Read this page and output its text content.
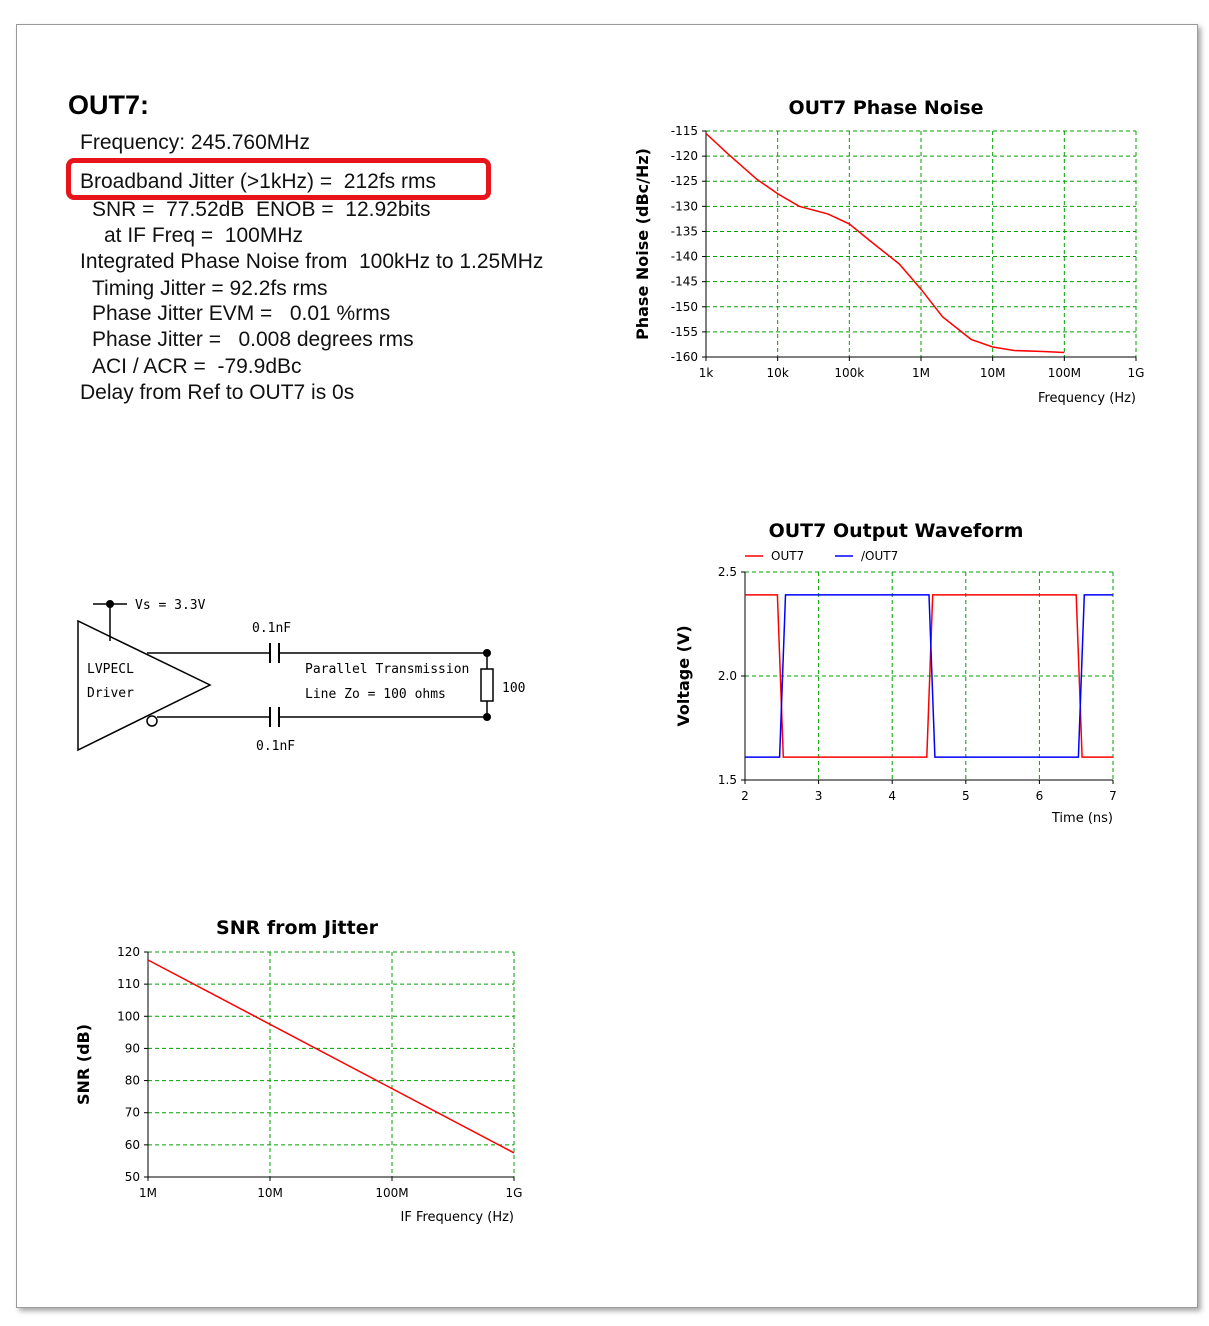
OUT7:
Frequency: 245.760MHz
Broadband Jitter (>1kHz) =  212fs rms
SNR =  77.52dB  ENOB =  12.92bits
at IF Freq =  100MHz
Integrated Phase Noise from  100kHz to 1.25MHz
Timing Jitter = 92.2fs rms
Phase Jitter EVM =   0.01 %rms
Phase Jitter =   0.008 degrees rms
ACI / ACR =  -79.9dBc
Delay from Ref to OUT7 is 0s
OUT7 Phase Noise
1k	10k	100k	1M	10M	100M	1G
-115
-120
-125
-130
-135
-140
-145
-150
-155
-160
Frequency (Hz)
Phase Noise (dBc/Hz)
OUT7 Output Waveform
2	3	4	5	6	7
2.5
2.0
1.5
Time (ns)
Voltage (V)
OUT7	/OUT7
SNR from Jitter
1M	10M	100M	1G
120
110
100
90
80
70
60
50
IF Frequency (Hz)
SNR (dB)
Vs = 3.3V
0.1nF
0.1nF
LVPECL
Driver
Parallel Transmission
Line Zo = 100 ohms	100
